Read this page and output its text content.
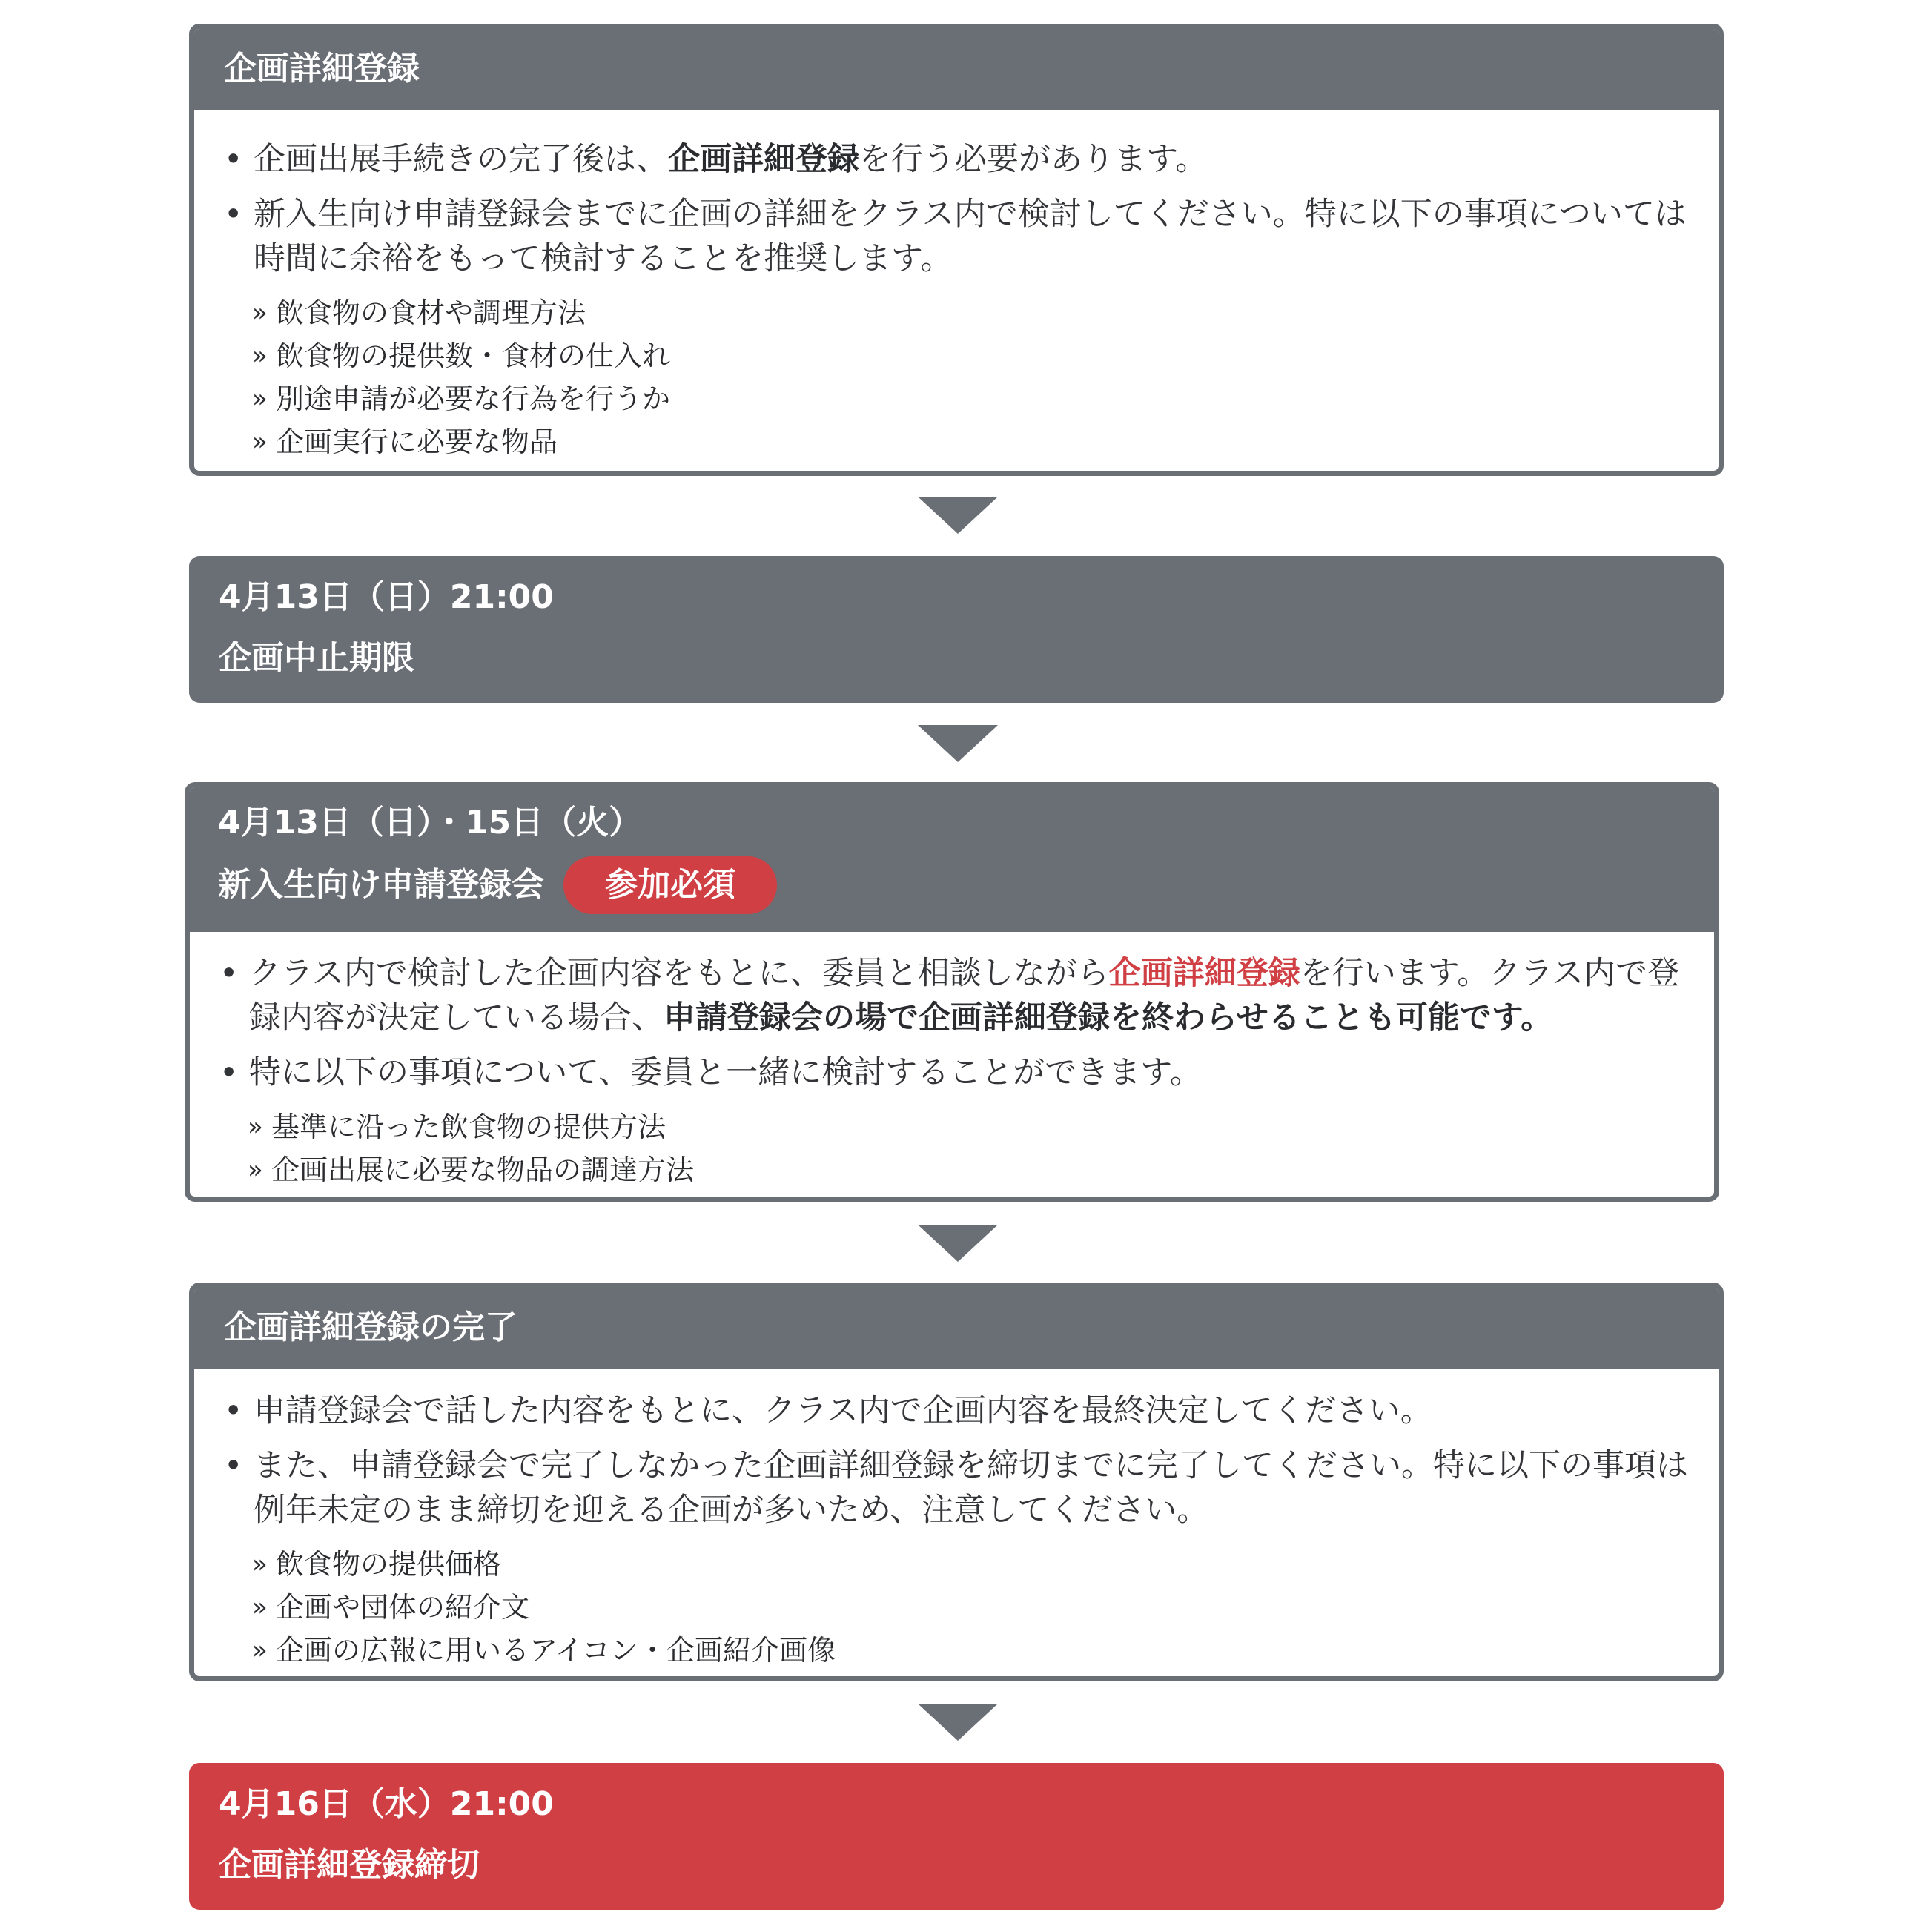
企画詳細登録
• 企画出展手続きの完了後は、企画詳細登録を行う必要があります。
• 新入生向け申請登録会までに企画の詳細をクラス内で検討してください。特に以下の事項については時間に余裕をもって検討することを推奨します。
» 飲食物の食材や調理方法
» 飲食物の提供数・食材の仕入れ
» 別途申請が必要な行為を行うか
» 企画実行に必要な物品
4月13日（日）21:00
企画中止期限
4月13日（日）・15日（火）
新入生向け申請登録会 参加必須
• クラス内で検討した企画内容をもとに、委員と相談しながら企画詳細登録を行います。クラス内で登録内容が決定している場合、申請登録会の場で企画詳細登録を終わらせることも可能です。
• 特に以下の事項について、委員と一緒に検討することができます。
» 基準に沿った飲食物の提供方法
» 企画出展に必要な物品の調達方法
企画詳細登録の完了
• 申請登録会で話した内容をもとに、クラス内で企画内容を最終決定してください。
• また、申請登録会で完了しなかった企画詳細登録を締切までに完了してください。特に以下の事項は例年未定のまま締切を迎える企画が多いため、注意してください。
» 飲食物の提供価格
» 企画や団体の紹介文
» 企画の広報に用いるアイコン・企画紹介画像
4月16日（水）21:00
企画詳細登録締切
